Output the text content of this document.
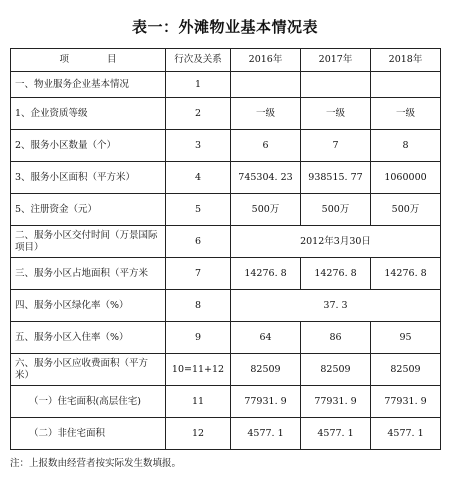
表一：外滩物业基本情况表
项　　　　目	行次及关系	2016年	2017年	2018年
一、物业服务企业基本情况	1			
1、企业资质等级	2	一级	一级	一级
2、服务小区数量（个）	3	6	7	8
3、服务小区面积（平方米）	4	745304. 23	938515. 77	1060000
5、注册资金（元）	5	500万	500万	500万
二、服务小区交付时间（万景国际项目）	6	2012年3月30日		
三、服务小区占地面积（平方米	7	14276. 8	14276. 8	14276. 8
四、服务小区绿化率（%）	8	37. 3		
五、服务小区入住率（%）	9	64	86	95
六、服务小区应收费面积（平方米）	10=11+12	82509	82509	82509
（一）住宅面积(高层住宅)	11	77931. 9	77931. 9	77931. 9
（二）非住宅面积	12	4577. 1	4577. 1	4577. 1
注：上报数由经营者按实际发生数填报。
